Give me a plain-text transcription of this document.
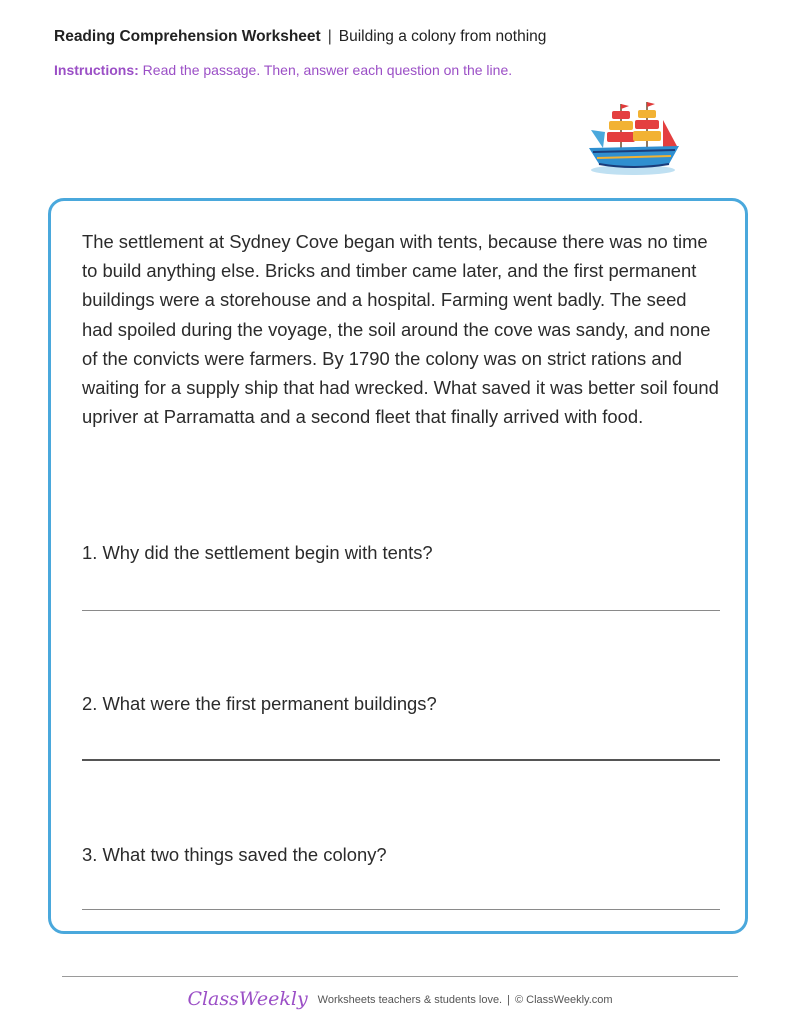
Reading Comprehension Worksheet | Building a colony from nothing
Instructions: Read the passage. Then, answer each question on the line.

The settlement at Sydney Cove began with tents, because there was no time to build anything else. Bricks and timber came later, and the first permanent buildings were a storehouse and a hospital. Farming went badly. The seed had spoiled during the voyage, the soil around the cove was sandy, and none of the convicts were farmers. By 1790 the colony was on strict rations and waiting for a supply ship that had wrecked. What saved it was better soil found upriver at Parramatta and a second fleet that finally arrived with food.

1. Why did the settlement begin with tents?
2. What were the first permanent buildings?
3. What two things saved the colony?
ClassWeekly Worksheets teachers & students love. | © ClassWeekly.com
